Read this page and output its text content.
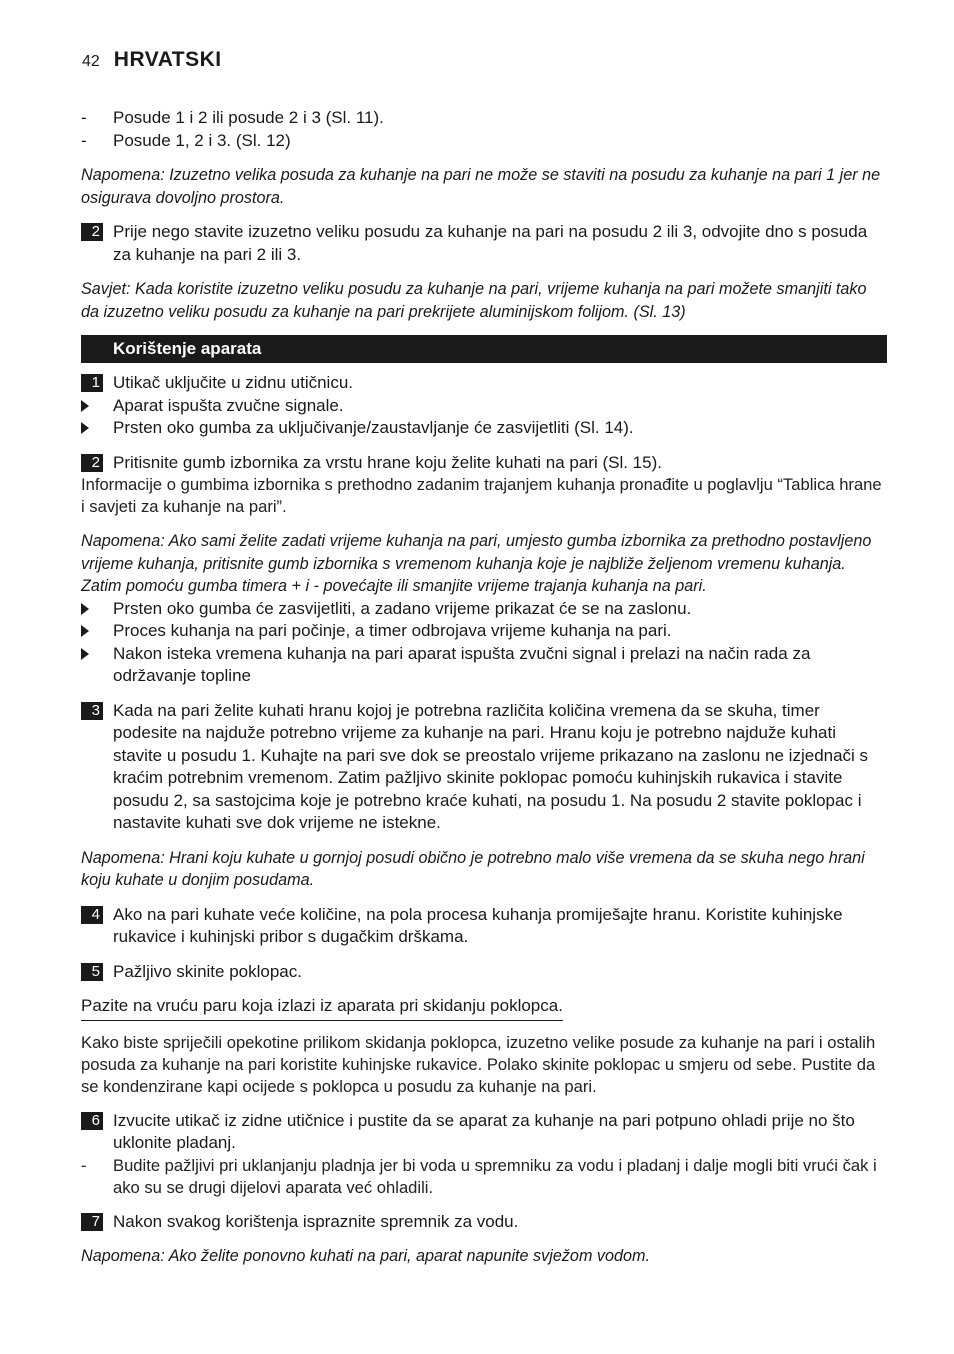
42 HRVATSKI
-	Posude 1 i 2 ili posude 2 i 3 (Sl. 11).
-	Posude 1, 2 i 3. (Sl. 12)

Napomena: Izuzetno velika posuda za kuhanje na pari ne može se staviti na posudu za kuhanje na pari 1 jer ne osigurava dovoljno prostora.

2 Prije nego stavite izuzetno veliku posudu za kuhanje na pari na posudu 2 ili 3, odvojite dno s posuda za kuhanje na pari 2 ili 3.

Savjet: Kada koristite izuzetno veliku posudu za kuhanje na pari, vrijeme kuhanja na pari možete smanjiti tako da izuzetno veliku posudu za kuhanje na pari prekrijete aluminijskom folijom. (Sl. 13)

Korištenje aparata
1 Utikač uključite u zidnu utičnicu.
Aparat ispušta zvučne signale.
Prsten oko gumba za uključivanje/zaustavljanje će zasvijetliti (Sl. 14).
2 Pritisnite gumb izbornika za vrstu hrane koju želite kuhati na pari (Sl. 15).

Informacije o gumbima izbornika s prethodno zadanim trajanjem kuhanja pronađite u poglavlju “Tablica hrane i savjeti za kuhanje na pari”.

Napomena: Ako sami želite zadati vrijeme kuhanja na pari, umjesto gumba izbornika za prethodno postavljeno vrijeme kuhanja, pritisnite gumb izbornika s vremenom kuhanja koje je najbliže željenom vremenu kuhanja. Zatim pomoću gumba timera + i - povećajte ili smanjite vrijeme trajanja kuhanja na pari.

Prsten oko gumba će zasvijetliti, a zadano vrijeme prikazat će se na zaslonu.
Proces kuhanja na pari počinje, a timer odbrojava vrijeme kuhanja na pari.
Nakon isteka vremena kuhanja na pari aparat ispušta zvučni signal i prelazi na način rada za održavanje topline
3 Kada na pari želite kuhati hranu kojoj je potrebna različita količina vremena da se skuha, timer podesite na najduže potrebno vrijeme za kuhanje na pari. Hranu koju je potrebno najduže kuhati stavite u posudu 1. Kuhajte na pari sve dok se preostalo vrijeme prikazano na zaslonu ne izjednači s kraćim potrebnim vremenom. Zatim pažljivo skinite poklopac pomoću kuhinjskih rukavica i stavite posudu 2, sa sastojcima koje je potrebno kraće kuhati, na posudu 1. Na posudu 2 stavite poklopac i nastavite kuhati sve dok vrijeme ne istekne.

Napomena: Hrani koju kuhate u gornjoj posudi obično je potrebno malo više vremena da se skuha nego hrani koju kuhate u donjim posudama.

4 Ako na pari kuhate veće količine, na pola procesa kuhanja promiješajte hranu. Koristite kuhinjske rukavice i kuhinjski pribor s dugačkim drškama.
5 Pažljivo skinite poklopac.

Pazite na vruću paru koja izlazi iz aparata pri skidanju poklopca.

Kako biste spriječili opekotine prilikom skidanja poklopca, izuzetno velike posude za kuhanje na pari i ostalih posuda za kuhanje na pari koristite kuhinjske rukavice. Polako skinite poklopac u smjeru od sebe. Pustite da se kondenzirane kapi ocijede s poklopca u posudu za kuhanje na pari.

6 Izvucite utikač iz zidne utičnice i pustite da se aparat za kuhanje na pari potpuno ohladi prije no što uklonite pladanj.
-	Budite pažljivi pri uklanjanju pladnja jer bi voda u spremniku za vodu i pladanj i dalje mogli biti vrući čak i ako su se drugi dijelovi aparata već ohladili.
7 Nakon svakog korištenja ispraznite spremnik za vodu.

Napomena: Ako želite ponovno kuhati na pari, aparat napunite svježom vodom.
